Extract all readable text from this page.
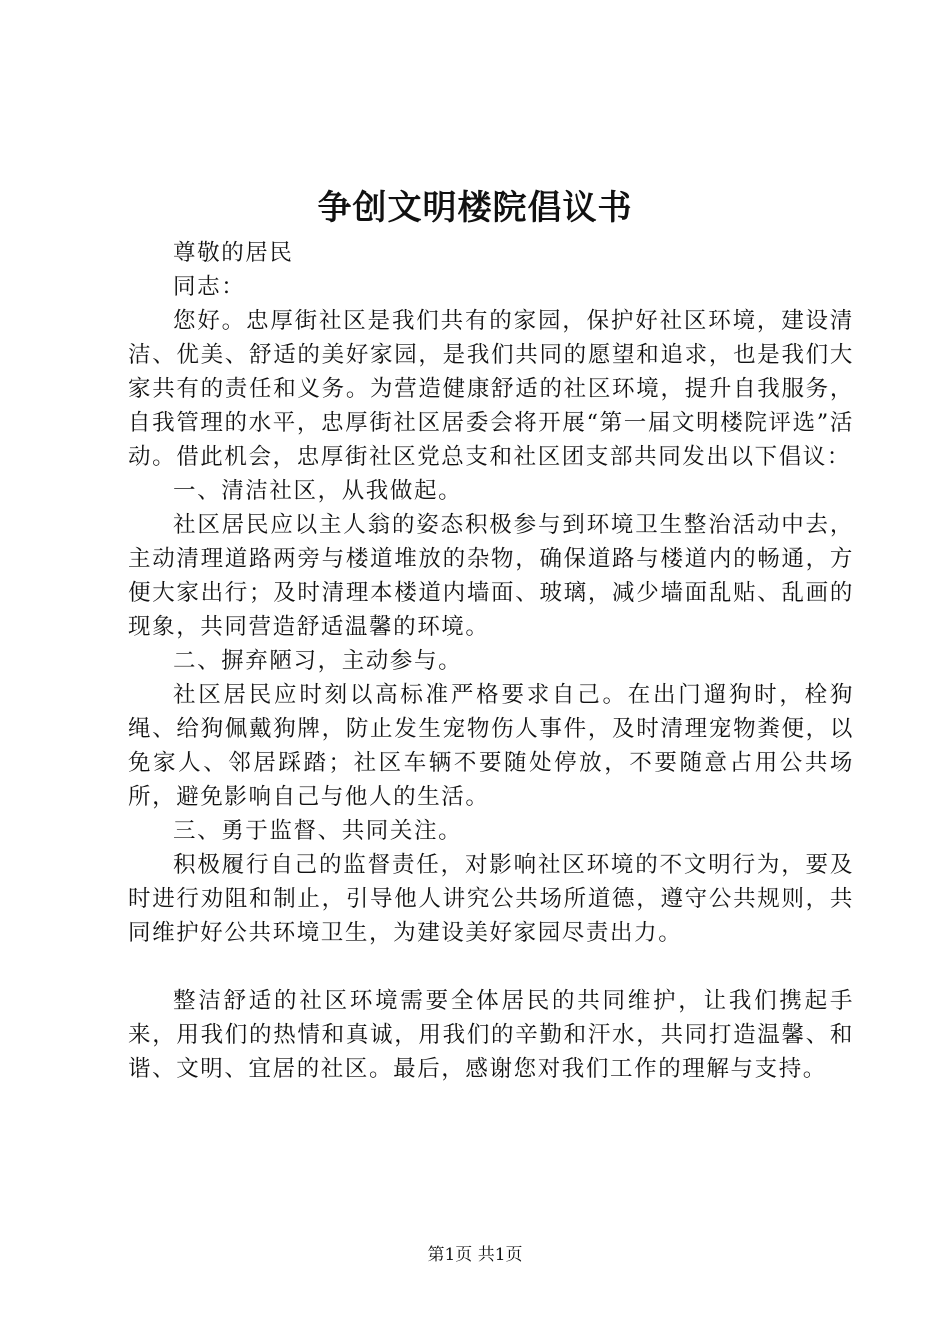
争创文明楼院倡议书

尊敬的居民

同志：

您好。忠厚街社区是我们共有的家园，保护好社区环境，建设清洁、优美、舒适的美好家园，是我们共同的愿望和追求，也是我们大家共有的责任和义务。为营造健康舒适的社区环境，提升自我服务，自我管理的水平，忠厚街社区居委会将开展“第一届文明楼院评选”活动。借此机会，忠厚街社区党总支和社区团支部共同发出以下倡议：

一、清洁社区，从我做起。

社区居民应以主人翁的姿态积极参与到环境卫生整治活动中去，主动清理道路两旁与楼道堆放的杂物，确保道路与楼道内的畅通，方便大家出行；及时清理本楼道内墙面、玻璃，减少墙面乱贴、乱画的现象，共同营造舒适温馨的环境。

二、摒弃陋习，主动参与。

社区居民应时刻以高标准严格要求自己。在出门遛狗时，栓狗绳、给狗佩戴狗牌，防止发生宠物伤人事件，及时清理宠物粪便，以免家人、邻居踩踏；社区车辆不要随处停放，不要随意占用公共场所，避免影响自己与他人的生活。

三、勇于监督、共同关注。

积极履行自己的监督责任，对影响社区环境的不文明行为，要及时进行劝阻和制止，引导他人讲究公共场所道德，遵守公共规则，共同维护好公共环境卫生，为建设美好家园尽责出力。

整洁舒适的社区环境需要全体居民的共同维护，让我们携起手来，用我们的热情和真诚，用我们的辛勤和汗水，共同打造温馨、和谐、文明、宜居的社区。最后，感谢您对我们工作的理解与支持。

第1页 共1页
